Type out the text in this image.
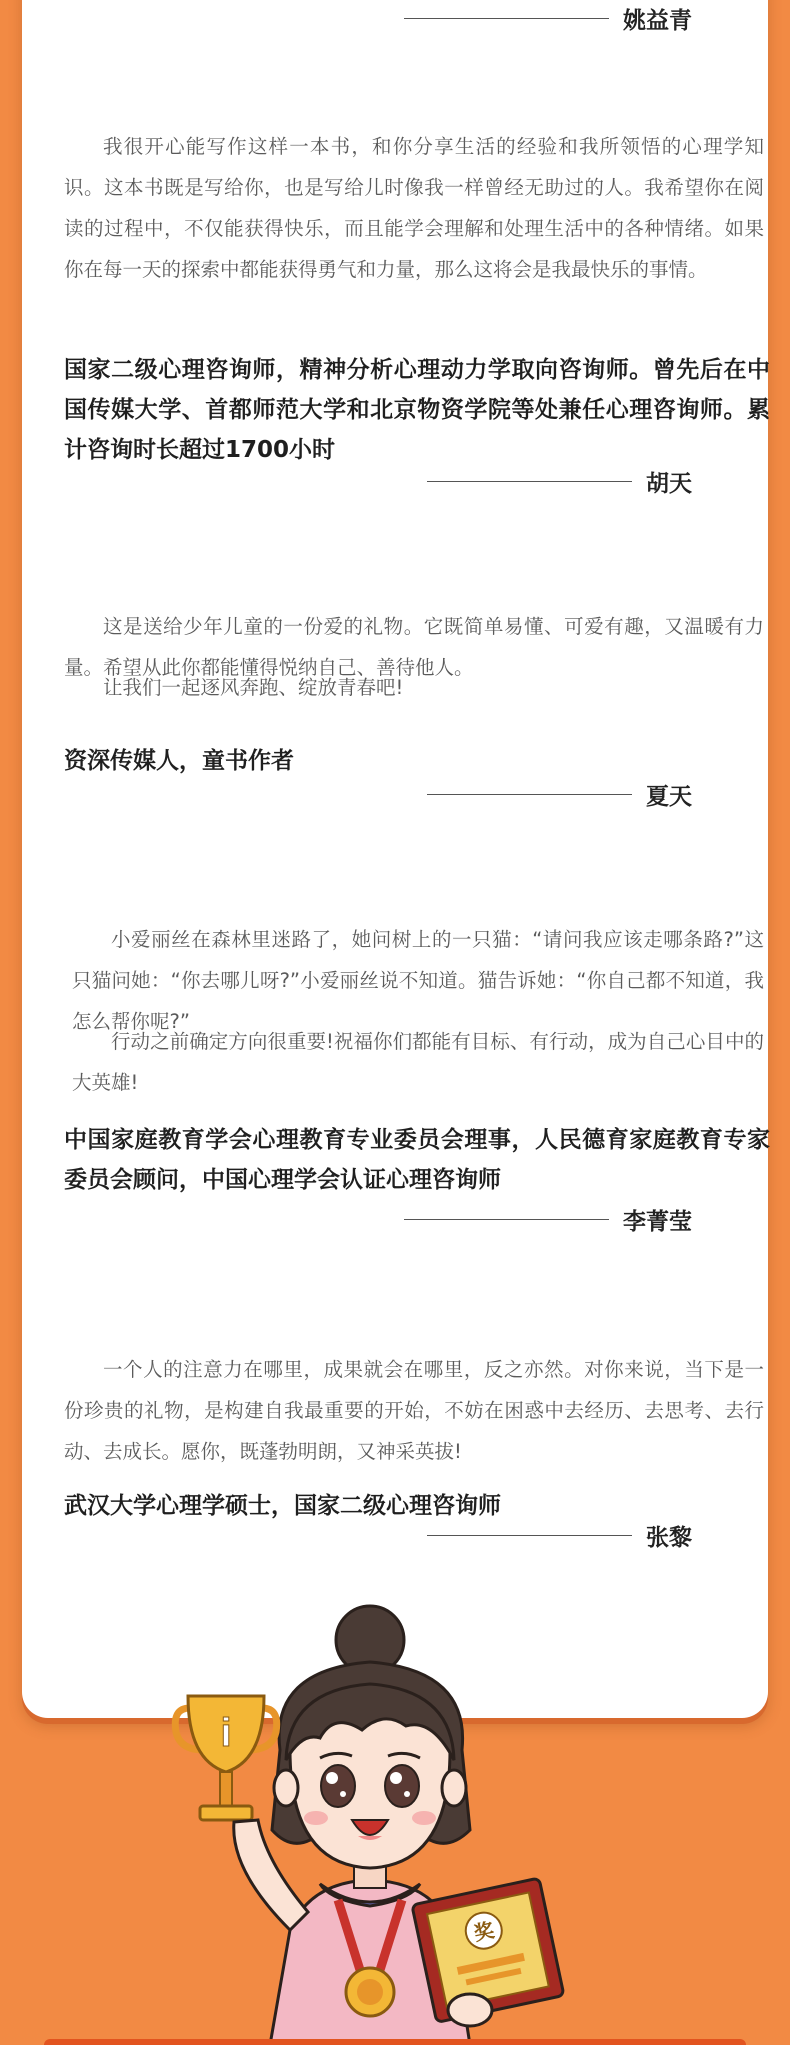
姚益青

我很开心能写作这样一本书，和你分享生活的经验和我所领悟的心理学知识。这本书既是写给你，也是写给儿时像我一样曾经无助过的人。我希望你在阅读的过程中，不仅能获得快乐，而且能学会理解和处理生活中的各种情绪。如果你在每一天的探索中都能获得勇气和力量，那么这将会是我最快乐的事情。

国家二级心理咨询师，精神分析心理动力学取向咨询师。曾先后在中国传媒大学、首都师范大学和北京物资学院等处兼任心理咨询师。累计咨询时长超过1700小时

胡天

这是送给少年儿童的一份爱的礼物。它既简单易懂、可爱有趣，又温暖有力量。希望从此你都能懂得悦纳自己、善待他人。

让我们一起逐风奔跑、绽放青春吧!

资深传媒人，童书作者

夏天

小爱丽丝在森林里迷路了，她问树上的一只猫：“请问我应该走哪条路?”这只猫问她：“你去哪儿呀?”小爱丽丝说不知道。猫告诉她：“你自己都不知道，我怎么帮你呢?”

行动之前确定方向很重要!祝福你们都能有目标、有行动，成为自己心目中的大英雄!

中国家庭教育学会心理教育专业委员会理事，人民德育家庭教育专家委员会顾问，中国心理学会认证心理咨询师

李菁莹

一个人的注意力在哪里，成果就会在哪里，反之亦然。对你来说，当下是一份珍贵的礼物，是构建自我最重要的开始，不妨在困惑中去经历、去思考、去行动、去成长。愿你，既蓬勃明朗，又神采英拔!

武汉大学心理学硕士，国家二级心理咨询师

张黎
i
奖
